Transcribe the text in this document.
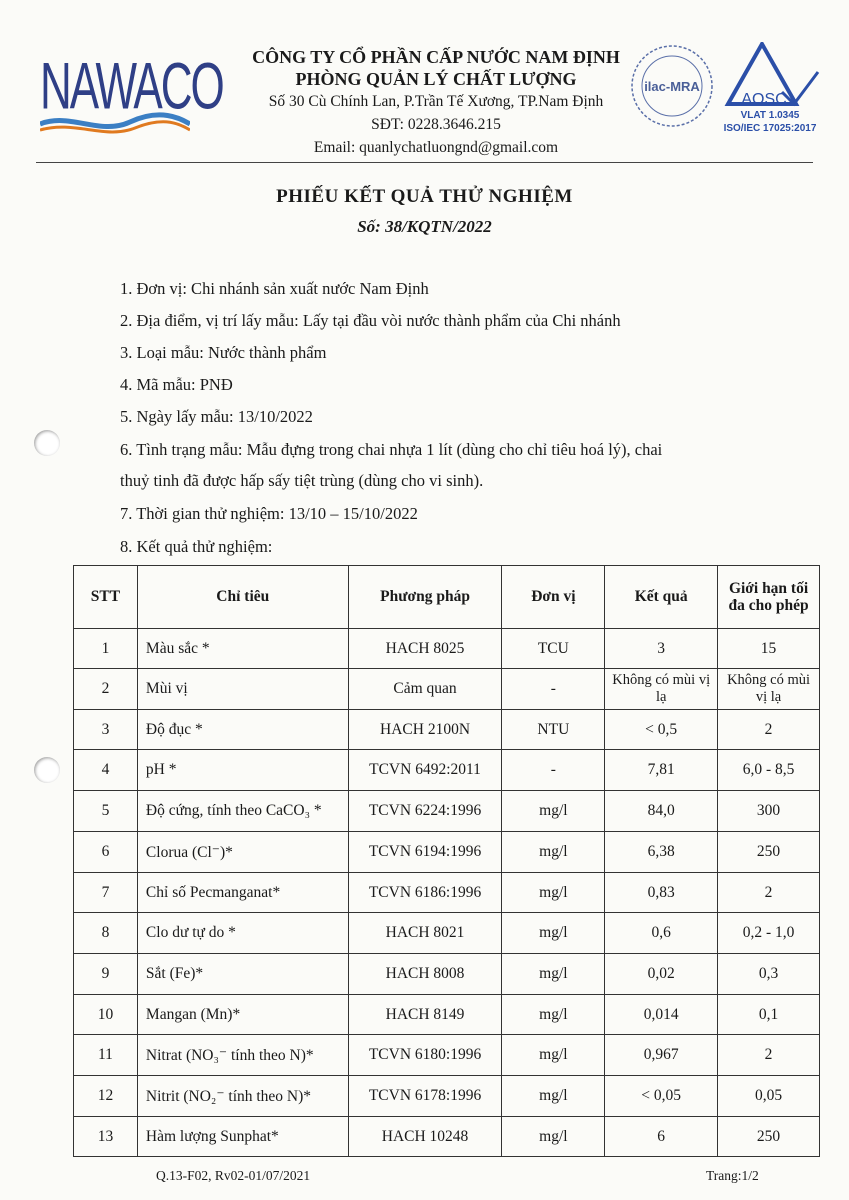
NAWACO	CÔNG TY CỔ PHẦN CẤP NƯỚC NAM ĐỊNH
PHÒNG QUẢN LÝ CHẤT LƯỢNG
Số 30 Cù Chính Lan, P.Trần Tế Xương, TP.Nam Định
SĐT: 0228.3646.215
Email: quanlychatluongnd@gmail.com
ilac-MRA
AOSC
VLAT 1.0345
ISO/IEC 17025:2017
PHIẾU KẾT QUẢ THỬ NGHIỆM
Số: 38/KQTN/2022
1. Đơn vị: Chi nhánh sản xuất nước Nam Định
2. Địa điểm, vị trí lấy mẫu: Lấy tại đầu vòi nước thành phẩm của Chi nhánh
3. Loại mẫu: Nước thành phẩm
4. Mã mẫu: PNĐ
5. Ngày lấy mẫu: 13/10/2022
6. Tình trạng mẫu: Mẫu đựng trong chai nhựa 1 lít (dùng cho chỉ tiêu hoá lý), chai
thuỷ tinh đã được hấp sấy tiệt trùng (dùng cho vi sinh).
7. Thời gian thử nghiệm: 13/10 – 15/10/2022
8. Kết quả thử nghiệm:
STT	Chỉ tiêu	Phương pháp	Đơn vị	Kết quả	Giới hạn tối đa cho phép
1	Màu sắc *	HACH 8025	TCU	3	15
2	Mùi vị	Cảm quan	-	Không có mùi vị lạ	Không có mùi vị lạ
3	Độ đục *	HACH 2100N	NTU	< 0,5	2
4	pH *	TCVN 6492:2011	-	7,81	6,0 - 8,5
5	Độ cứng, tính theo CaCO₃ *	TCVN 6224:1996	mg/l	84,0	300
6	Clorua (Cl⁻)*	TCVN 6194:1996	mg/l	6,38	250
7	Chỉ số Pecmanganat*	TCVN 6186:1996	mg/l	0,83	2
8	Clo dư tự do *	HACH 8021	mg/l	0,6	0,2 - 1,0
9	Sắt (Fe)*	HACH 8008	mg/l	0,02	0,3
10	Mangan (Mn)*	HACH 8149	mg/l	0,014	0,1
11	Nitrat (NO₃⁻ tính theo N)*	TCVN 6180:1996	mg/l	0,967	2
12	Nitrit (NO₂⁻ tính theo N)*	TCVN 6178:1996	mg/l	< 0,05	0,05
13	Hàm lượng Sunphat*	HACH 10248	mg/l	6	250
Q.13-F02, Rv02-01/07/2021	Trang:1/2
